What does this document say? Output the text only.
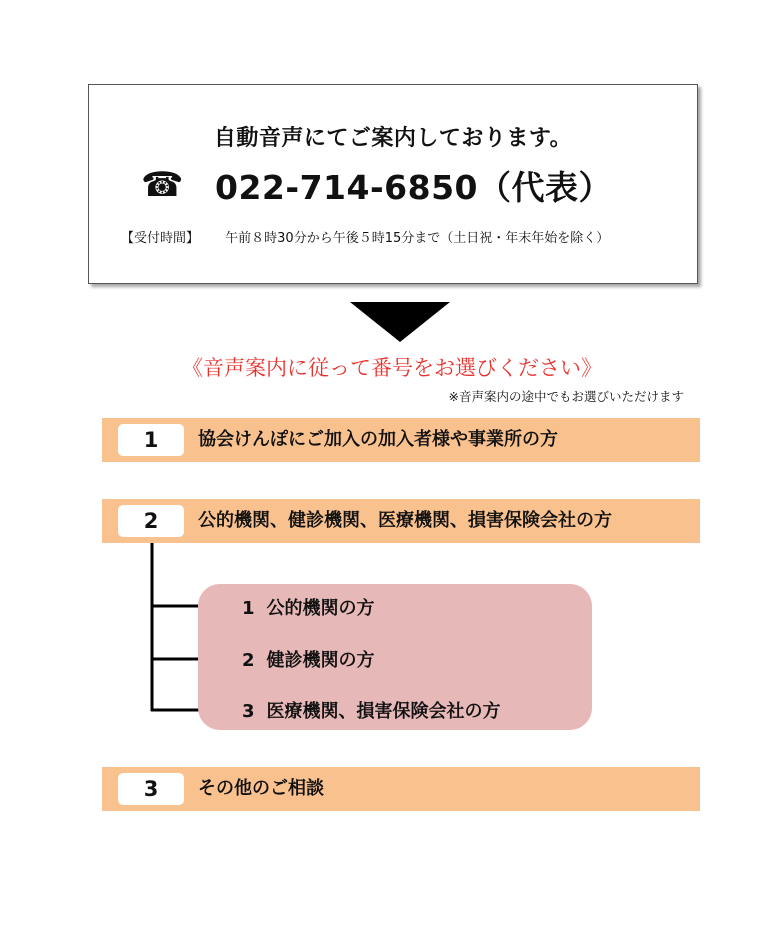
自動音声にてご案内しております。
☎ 022-714-6850（代表）
【受付時間】 午前８時30分から午後５時15分まで（土日祝・年末年始を除く）
《音声案内に従って番号をお選びください》
※音声案内の途中でもお選びいただけます
1	協会けんぽにご加入の加入者様や事業所の方
2	公的機関、健診機関、医療機関、損害保険会社の方
1 公的機関の方
2 健診機関の方
3 医療機関、損害保険会社の方
3	その他のご相談
